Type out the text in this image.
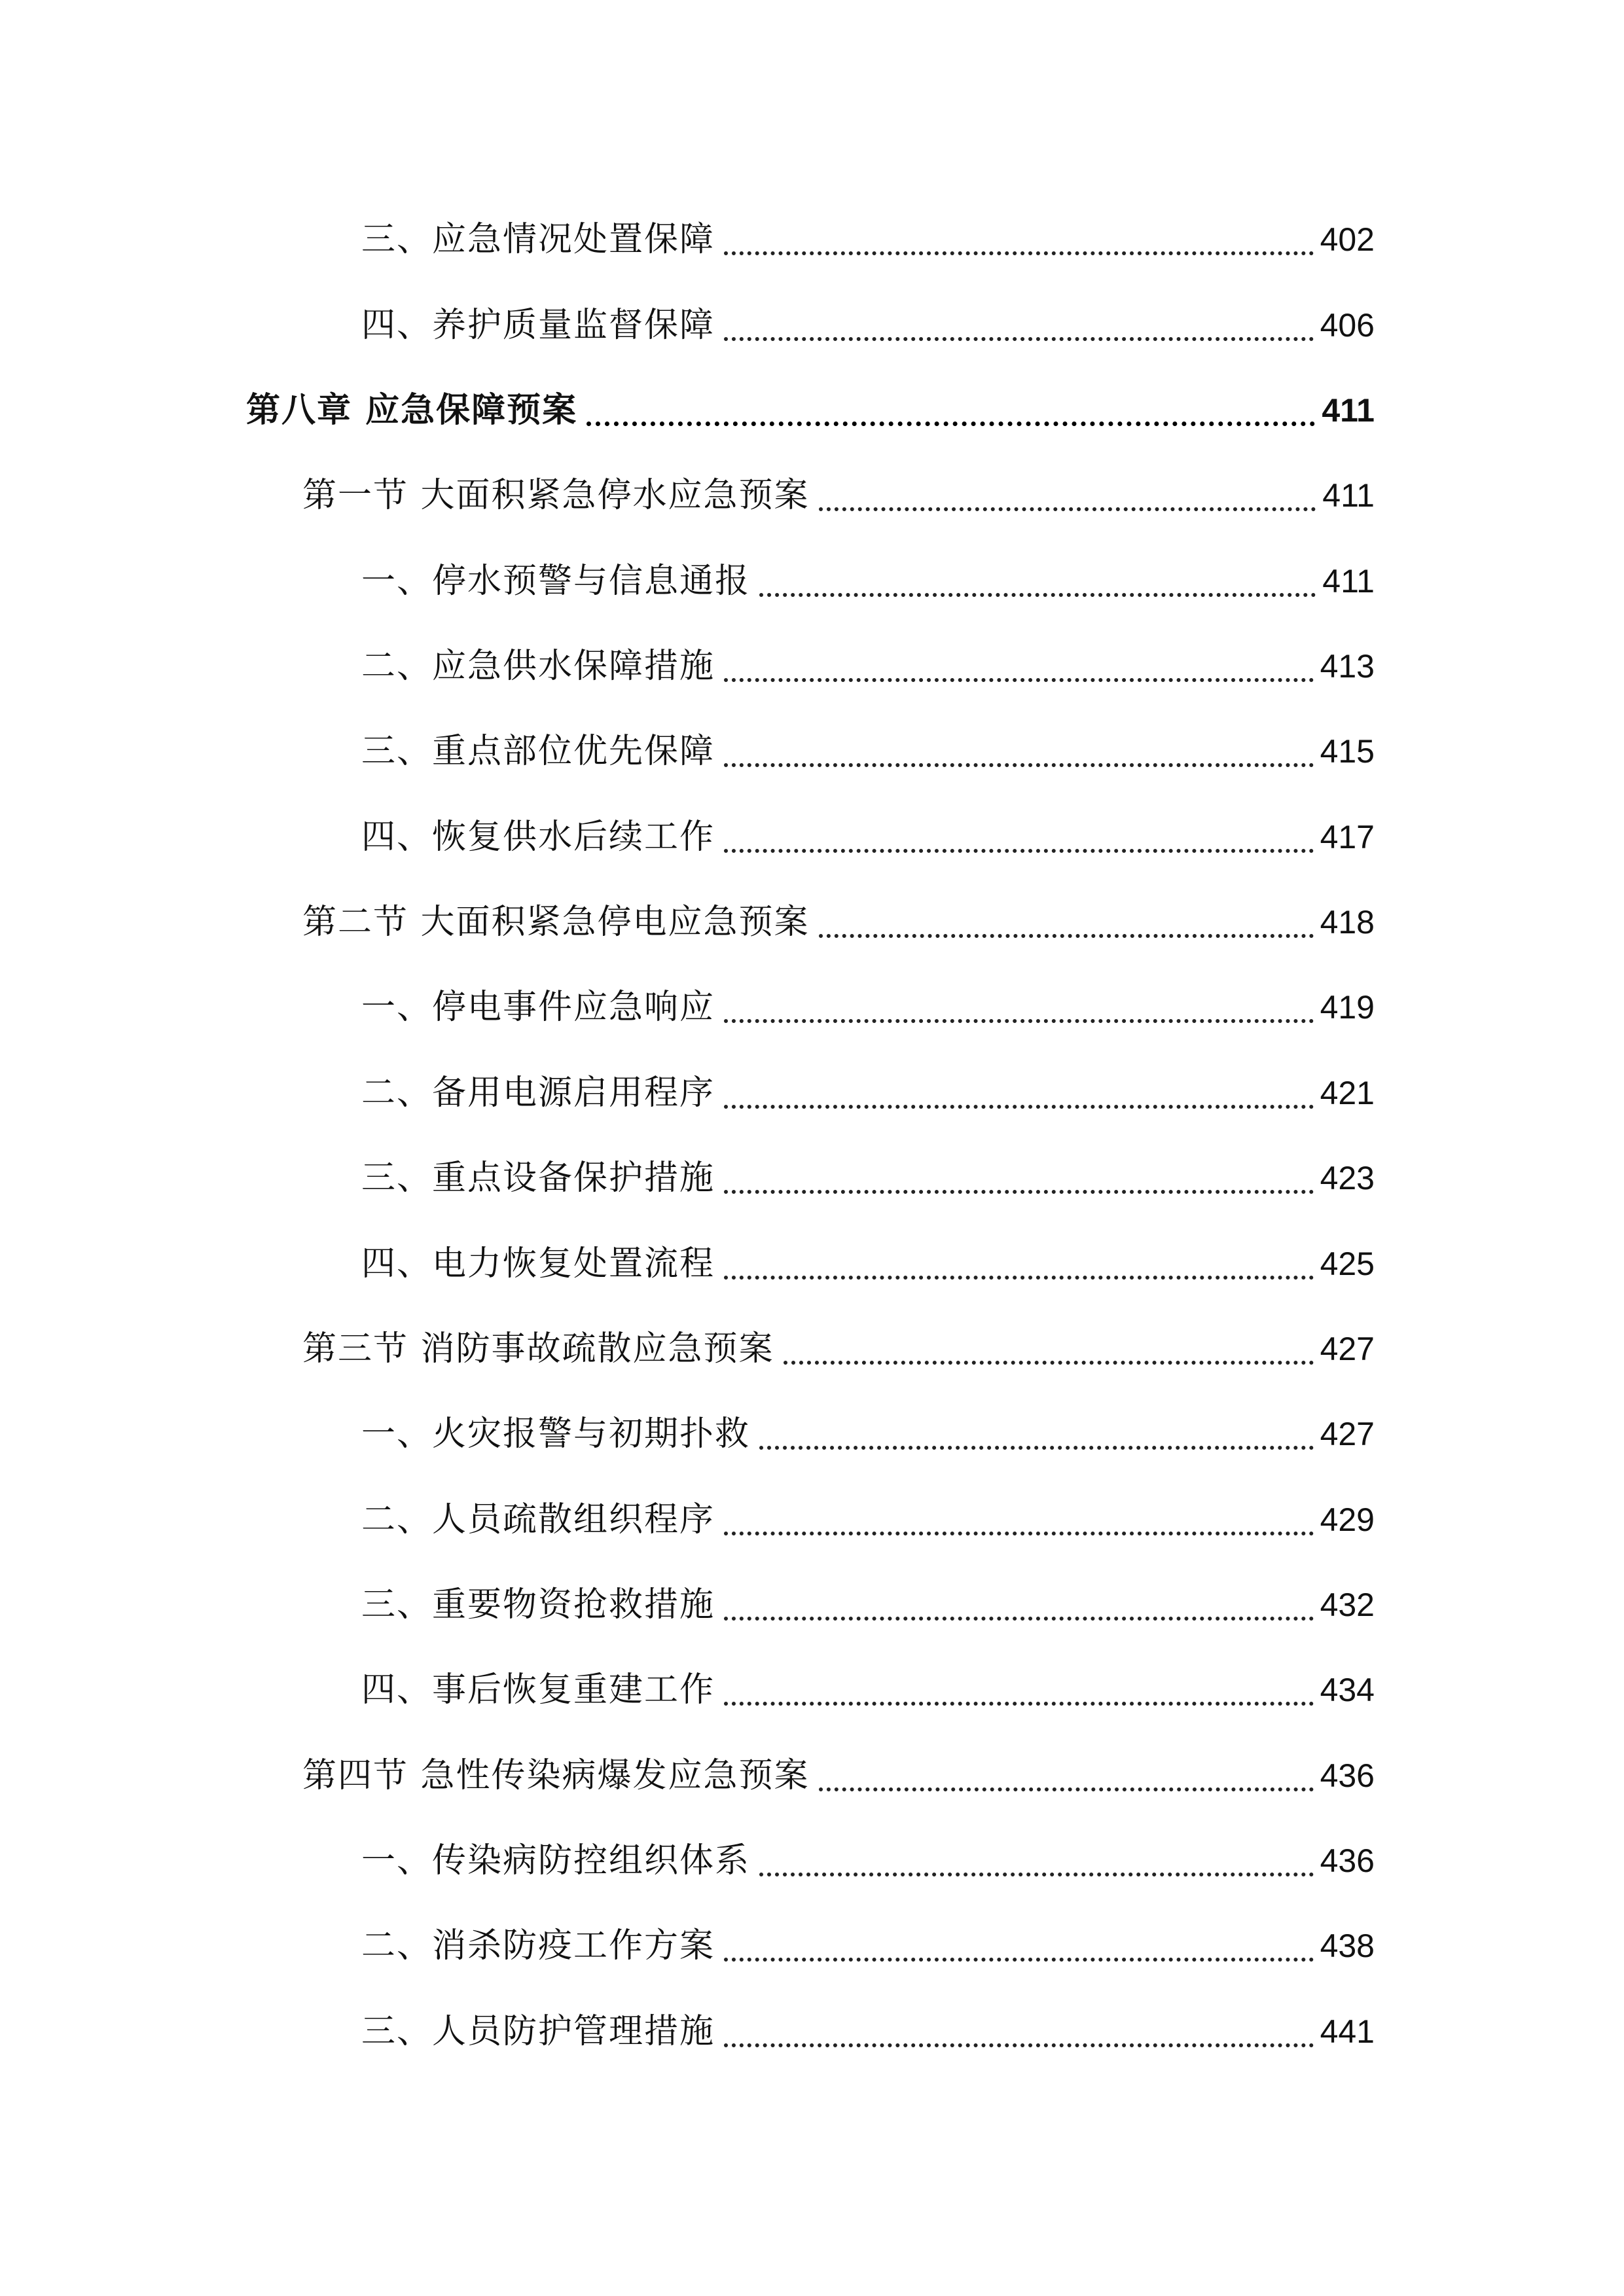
三、应急情况处置保障	402
四、养护质量监督保障	406
第八章 应急保障预案	411
第一节 大面积紧急停水应急预案	411
一、停水预警与信息通报	411
二、应急供水保障措施	413
三、重点部位优先保障	415
四、恢复供水后续工作	417
第二节 大面积紧急停电应急预案	418
一、停电事件应急响应	419
二、备用电源启用程序	421
三、重点设备保护措施	423
四、电力恢复处置流程	425
第三节 消防事故疏散应急预案	427
一、火灾报警与初期扑救	427
二、人员疏散组织程序	429
三、重要物资抢救措施	432
四、事后恢复重建工作	434
第四节 急性传染病爆发应急预案	436
一、传染病防控组织体系	436
二、消杀防疫工作方案	438
三、人员防护管理措施	441
